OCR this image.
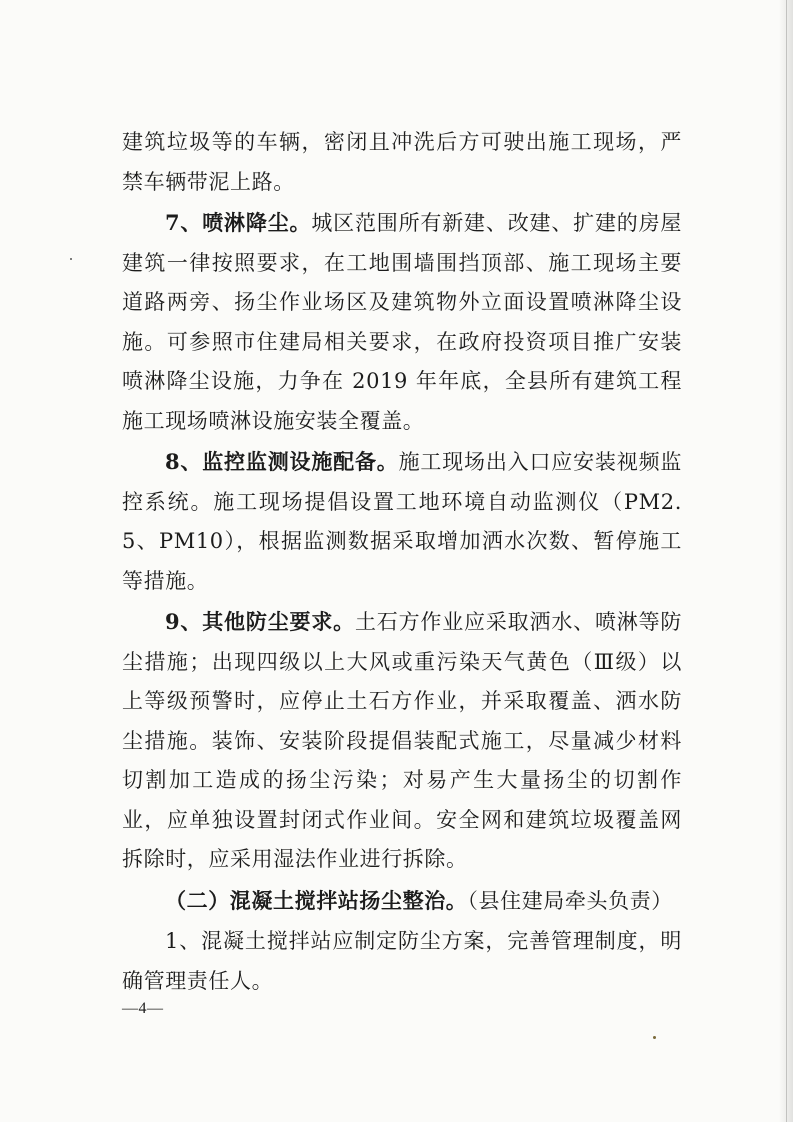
建筑垃圾等的车辆，密闭且冲洗后方可驶出施工现场，严禁车辆带泥上路。

7、喷淋降尘。城区范围所有新建、改建、扩建的房屋建筑一律按照要求，在工地围墙围挡顶部、施工现场主要道路两旁、扬尘作业场区及建筑物外立面设置喷淋降尘设施。可参照市住建局相关要求，在政府投资项目推广安装喷淋降尘设施，力争在 2019 年年底，全县所有建筑工程施工现场喷淋设施安装全覆盖。

8、监控监测设施配备。施工现场出入口应安装视频监控系统。施工现场提倡设置工地环境自动监测仪（PM2.5、PM10），根据监测数据采取增加洒水次数、暂停施工等措施。

9、其他防尘要求。土石方作业应采取洒水、喷淋等防尘措施；出现四级以上大风或重污染天气黄色（Ⅲ级）以上等级预警时，应停止土石方作业，并采取覆盖、洒水防尘措施。装饰、安装阶段提倡装配式施工，尽量减少材料切割加工造成的扬尘污染；对易产生大量扬尘的切割作业，应单独设置封闭式作业间。安全网和建筑垃圾覆盖网拆除时，应采用湿法作业进行拆除。

（二）混凝土搅拌站扬尘整治。（县住建局牵头负责）

1、混凝土搅拌站应制定防尘方案，完善管理制度，明确管理责任人。

—4—
